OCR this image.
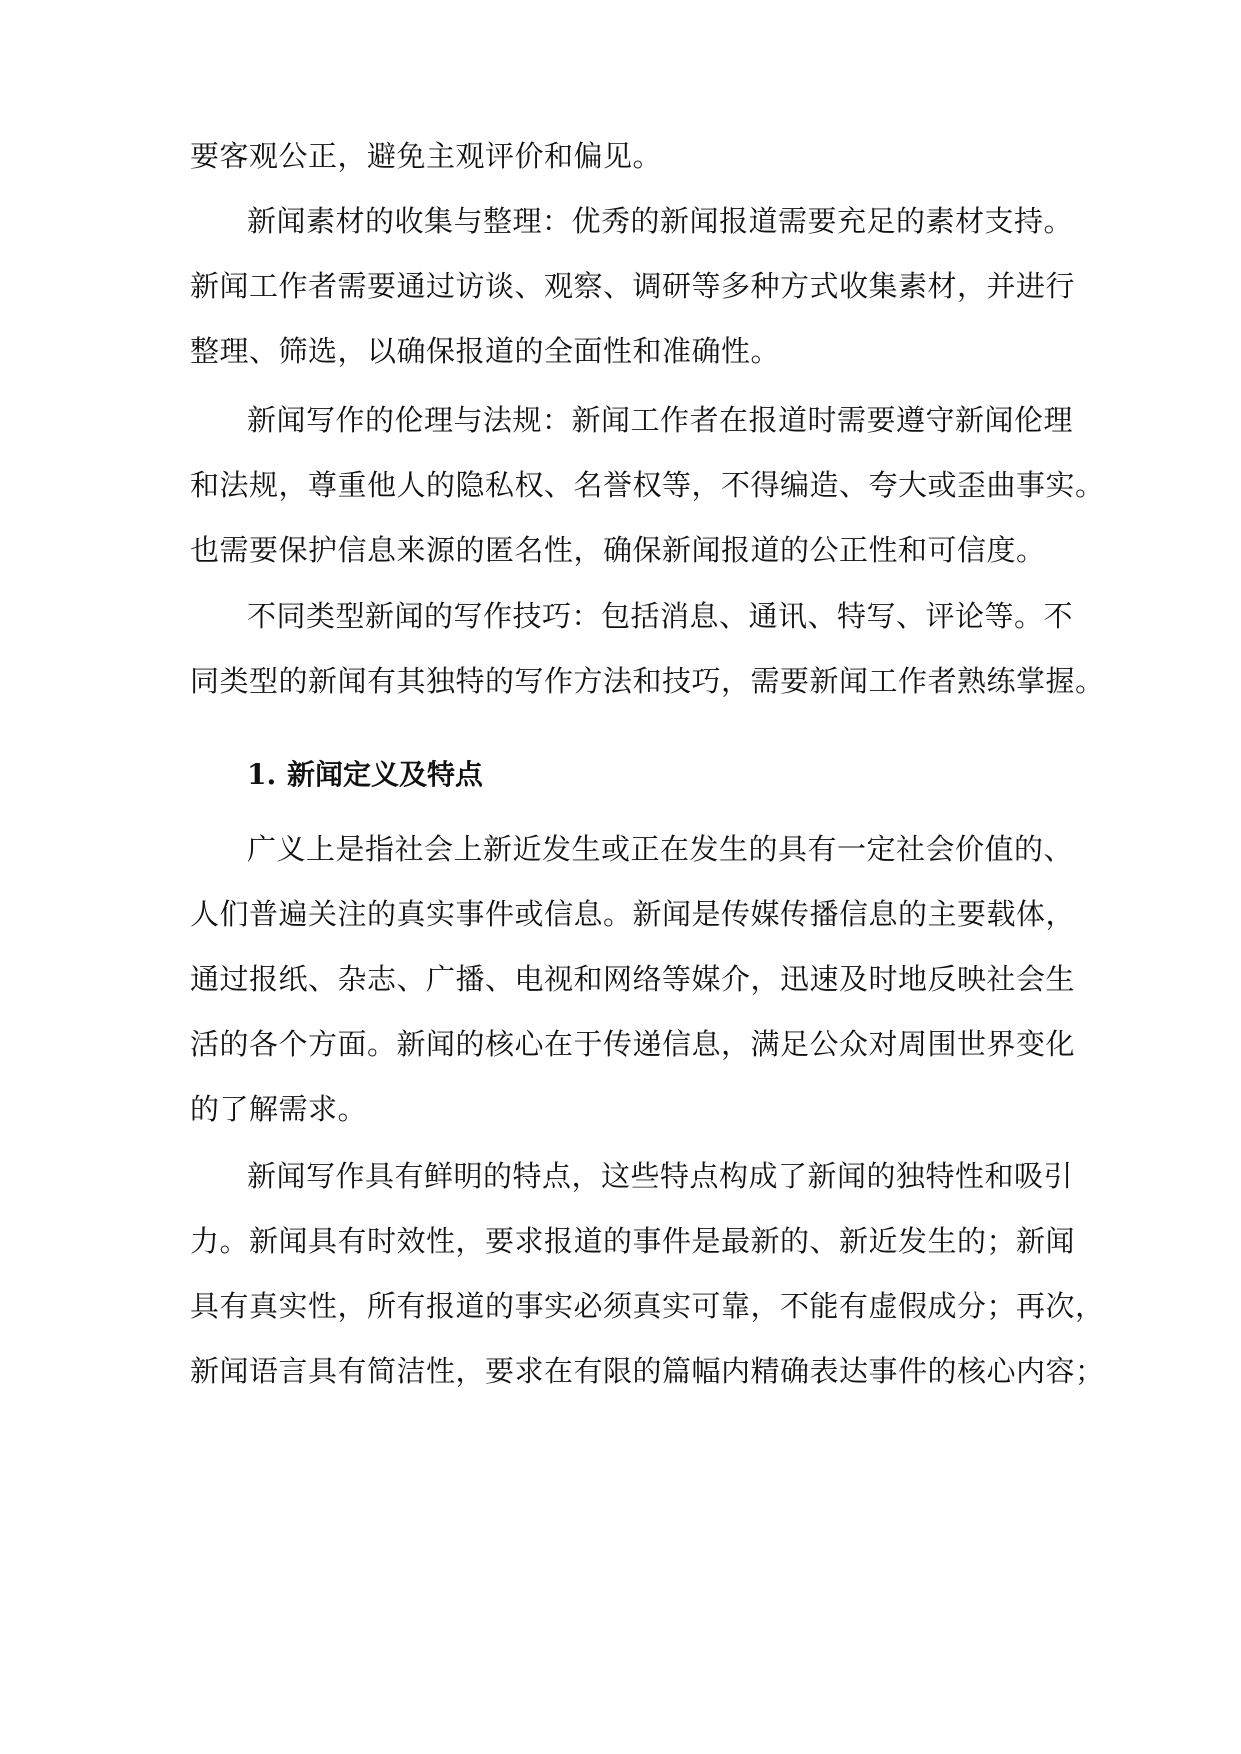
要客观公正，避免主观评价和偏见。
新闻素材的收集与整理：优秀的新闻报道需要充足的素材支持。
新闻工作者需要通过访谈、观察、调研等多种方式收集素材，并进行
整理、筛选，以确保报道的全面性和准确性。
新闻写作的伦理与法规：新闻工作者在报道时需要遵守新闻伦理
和法规，尊重他人的隐私权、名誉权等，不得编造、夸大或歪曲事实。
也需要保护信息来源的匿名性，确保新闻报道的公正性和可信度。
不同类型新闻的写作技巧：包括消息、通讯、特写、评论等。不
同类型的新闻有其独特的写作方法和技巧，需要新闻工作者熟练掌握。
1. 新闻定义及特点
广义上是指社会上新近发生或正在发生的具有一定社会价值的、
人们普遍关注的真实事件或信息。新闻是传媒传播信息的主要载体，
通过报纸、杂志、广播、电视和网络等媒介，迅速及时地反映社会生
活的各个方面。新闻的核心在于传递信息，满足公众对周围世界变化
的了解需求。
新闻写作具有鲜明的特点，这些特点构成了新闻的独特性和吸引
力。新闻具有时效性，要求报道的事件是最新的、新近发生的；新闻
具有真实性，所有报道的事实必须真实可靠，不能有虚假成分；再次，
新闻语言具有简洁性，要求在有限的篇幅内精确表达事件的核心内容；
